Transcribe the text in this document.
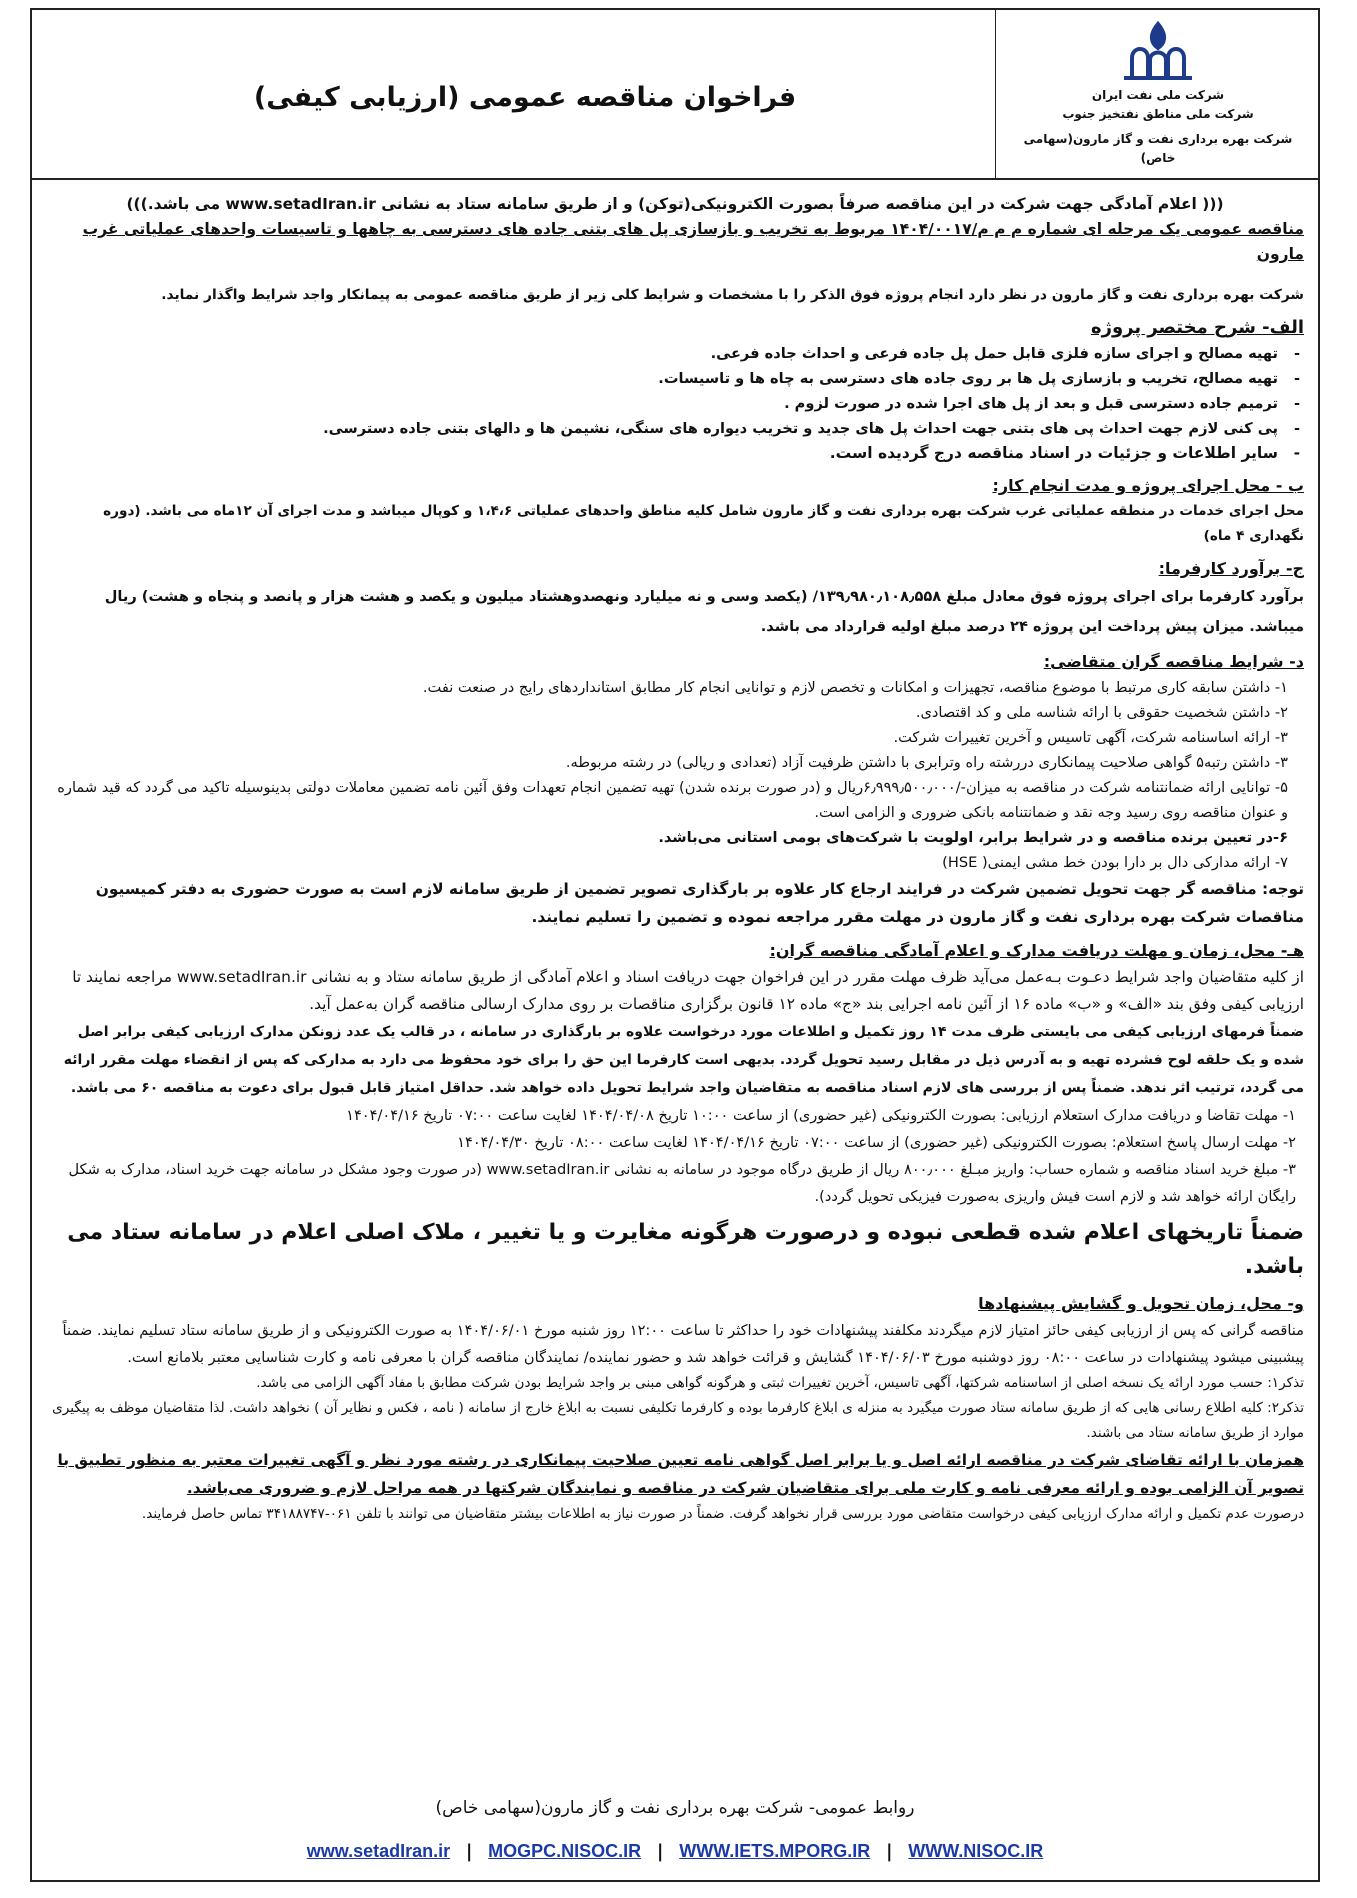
شرکت ملی نفت ایران
شرکت ملی مناطق نفتخیز جنوب
شرکت بهره برداری نفت و گاز مارون(سهامی خاص)
فراخوان مناقصه عمومی (ارزیابی کیفی)

((( اعلام آمادگی جهت شرکت در این مناقصه صرفاً بصورت الکترونیکی(توکن) و از طریق سامانه ستاد به نشانی www.setadIran.ir می باشد.)))

مناقصه عمومی یک مرحله ای شماره م م م/۱۴۰۴/۰۰۱۷ مربوط به تخریب و بازسازی پل های بتنی جاده های دسترسی به چاهها و تاسیسات واحدهای عملیاتی غرب مارون

شرکت بهره برداری نفت و گاز مارون در نظر دارد انجام پروژه فوق الذکر را با مشخصات و شرایط کلی زیر از طریق مناقصه عمومی به پیمانکار واجد شرایط واگذار نماید.

الف- شرح مختصر پروژه
- تهیه مصالح و اجرای سازه فلزی قابل حمل پل جاده فرعی و احداث جاده فرعی.
- تهیه مصالح، تخریب و بازسازی پل ها بر روی جاده های دسترسی به چاه ها و تاسیسات.
- ترمیم جاده دسترسی قبل و بعد از پل های اجرا شده در صورت لزوم .
- پی کنی لازم جهت احداث پی های بتنی جهت احداث پل های جدید و تخریب دیواره های سنگی، نشیمن ها و دالهای بتنی جاده دسترسی.
- سایر اطلاعات و جزئیات در اسناد مناقصه درج گردیده است.
ب - محل اجرای پروژه و مدت انجام کار:

محل اجرای خدمات در منطقه عملیاتی غرب شرکت بهره برداری نفت و گاز مارون شامل کلیه مناطق واحدهای عملیاتی ۱،۴،۶ و کوپال میباشد و مدت اجرای آن ۱۲ماه می باشد. (دوره نگهداری ۴ ماه)

ج- برآورد کارفرما:

برآورد کارفرما برای اجرای پروژه فوق معادل مبلغ ۱۳۹٫۹۸۰٫۱۰۸٫۵۵۸/ (یکصد وسی و نه میلیارد ونهصدوهشتاد میلیون و یکصد و هشت هزار و پانصد و پنجاه و هشت) ریال میباشد. میزان پیش پرداخت این پروژه ۲۴ درصد مبلغ اولیه قرارداد می باشد.

د- شرایط مناقصه گران متقاضی:

۱- داشتن سابقه کاری مرتبط با موضوع مناقصه، تجهیزات و امکانات و تخصص لازم و توانایی انجام کار مطابق استانداردهای رایج در صنعت نفت.

۲- داشتن شخصیت حقوقی با ارائه شناسه ملی و کد اقتصادی.

۳- ارائه اساسنامه شرکت، آگهی تاسیس و آخرین تغییرات شرکت.

۳- داشتن رتبه۵ گواهی صلاحیت پیمانکاری دررشته راه وترابری با داشتن ظرفیت آزاد (تعدادی و ریالی) در رشته مربوطه.

۵- توانایی ارائه ضمانتنامه شرکت در مناقصه به میزان-/۶٫۹۹۹٫۵۰۰٫۰۰۰ریال و (در صورت برنده شدن) تهیه تضمین انجام تعهدات وفق آئین نامه تضمین معاملات دولتی بدینوسیله تاکید می گردد که قید شماره و عنوان مناقصه روی رسید وجه نقد و ضمانتنامه بانکی ضروری و الزامی است.

۶-در تعیین برنده مناقصه و در شرایط برابر، اولویت با شرکت‌های بومی استانی می‌باشد.

۷- ارائه مدارکی دال بر دارا بودن خط مشی ایمنی( HSE)

توجه: مناقصه گر جهت تحویل تضمین شرکت در فرایند ارجاع کار علاوه بر بارگذاری تصویر تضمین از طریق سامانه لازم است به صورت حضوری به دفتر کمیسیون مناقصات شرکت بهره برداری نفت و گاز مارون در مهلت مقرر مراجعه نموده و تضمین را تسلیم نمایند.

هـ- محل، زمان و مهلت دریافت مدارک و اعلام آمادگی مناقصه گران:

از کلیه متقاضیان واجد شرایط دعـوت بـه‌عمل می‌آید ظرف مهلت مقرر در این فراخوان جهت دریافت اسناد و اعلام آمادگی از طریق سامانه ستاد و به نشانی www.setadIran.ir مراجعه نمایند تا ارزیابی کیفی وفق بند «الف» و «ب» ماده ۱۶ از آئین نامه اجرایی بند «ج» ماده ۱۲ قانون برگزاری مناقصات بر روی مدارک ارسالی مناقصه گران به‌عمل آید.

ضمناً فرمهای ارزیابی کیفی می بایستی ظرف مدت ۱۴ روز تکمیل و اطلاعات مورد درخواست علاوه بر بارگذاری در سامانه ، در قالب یک عدد زونکن مدارک ارزیابی کیفی برابر اصل شده و یک حلقه لوح فشرده تهیه و به آدرس ذیل در مقابل رسید تحویل گردد. بدیهی است کارفرما این حق را برای خود محفوظ می دارد به مدارکی که پس از انقضاء مهلت مقرر ارائه می گردد، ترتیب اثر ندهد. ضمناً پس از بررسی های لازم اسناد مناقصه به متقاضیان واجد شرایط تحویل داده خواهد شد. حداقل امتیاز قابل قبول برای دعوت به مناقصه ۶۰ می باشد.

۱- مهلت تقاضا و دریافت مدارک استعلام ارزیابی: بصورت الکترونیکی (غیر حضوری) از ساعت ۱۰:۰۰ تاریخ ۱۴۰۴/۰۴/۰۸ لغایت ساعت ۰۷:۰۰ تاریخ ۱۴۰۴/۰۴/۱۶

۲- مهلت ارسال پاسخ استعلام: بصورت الکترونیکی (غیر حضوری) از ساعت ۰۷:۰۰ تاریخ ۱۴۰۴/۰۴/۱۶ لغایت ساعت ۰۸:۰۰ تاریخ ۱۴۰۴/۰۴/۳۰

۳- مبلغ خرید اسناد مناقصه و شماره حساب: واریز مبـلغ ۸۰۰٫۰۰۰ ریال از طریق درگاه موجود در سامانه به نشانی www.setadIran.ir (در صورت وجود مشکل در سامانه جهت خرید اسناد، مدارک به شکل رایگان ارائه خواهد شد و لازم است فیش واریزی به‌صورت فیزیکی تحویل گردد).

ضمناً تاریخهای اعلام شده قطعی نبوده و درصورت هرگونه مغایرت و یا تغییر ، ملاک اصلی اعلام در سامانه ستاد می باشد.

و- محل، زمان تحویل و گشایش پیشنهادها

مناقصه گرانی که پس از ارزیابی کیفی حائز امتیاز لازم میگردند مکلفند پیشنهادات خود را حداکثر تا ساعت ۱۲:۰۰ روز شنبه مورخ ۱۴۰۴/۰۶/۰۱ به صورت الکترونیکی و از طریق سامانه ستاد تسلیم نمایند. ضمناً پیشبینی میشود پیشنهادات در ساعت ۰۸:۰۰ روز دوشنبه مورخ ۱۴۰۴/۰۶/۰۳ گشایش و قرائت خواهد شد و حضور نماینده/ نمایندگان مناقصه گران با معرفی نامه و کارت شناسایی معتبر بلامانع است.

تذکر۱: حسب مورد ارائه یک نسخه اصلی از اساسنامه شرکتها، آگهی تاسیس، آخرین تغییرات ثبتی و هرگونه گواهی مبنی بر واجد شرایط بودن شرکت مطابق با مفاد آگهی الزامی می باشد.

تذکر۲: کلیه اطلاع رسانی هایی که از طریق سامانه ستاد صورت میگیرد به منزله ی ابلاغ کارفرما بوده و کارفرما تکلیفی نسبت به ابلاغ خارج از سامانه ( نامه ، فکس و نظایر آن ) نخواهد داشت. لذا متقاضیان موظف به پیگیری موارد از طریق سامانه ستاد می باشند.

همزمان با ارائه تقاضای شرکت در مناقصه ارائه اصل و یا برابر اصل گواهی نامه تعیین صلاحیت پیمانکاری در رشته مورد نظر و آگهی تغییرات معتبر به منظور تطبیق با تصویر آن الزامی بوده و ارائه معرفی نامه و کارت ملی برای متقاضیان شرکت در مناقصه و نمایندگان شرکتها در همه مراحل لازم و ضروری می‌باشد.

درصورت عدم تکمیل و ارائه مدارک ارزیابی کیفی درخواست متقاضی مورد بررسی قرار نخواهد گرفت. ضمناً در صورت نیاز به اطلاعات بیشتر متقاضیان می توانند با تلفن ۰۶۱-۳۴۱۸۸۷۴۷ تماس حاصل فرمایند.

روابط عمومی- شرکت بهره برداری نفت و گاز مارون(سهامی خاص)
www.setadIran.ir | MOGPC.NISOC.IR | WWW.IETS.MPORG.IR | WWW.NISOC.IR
